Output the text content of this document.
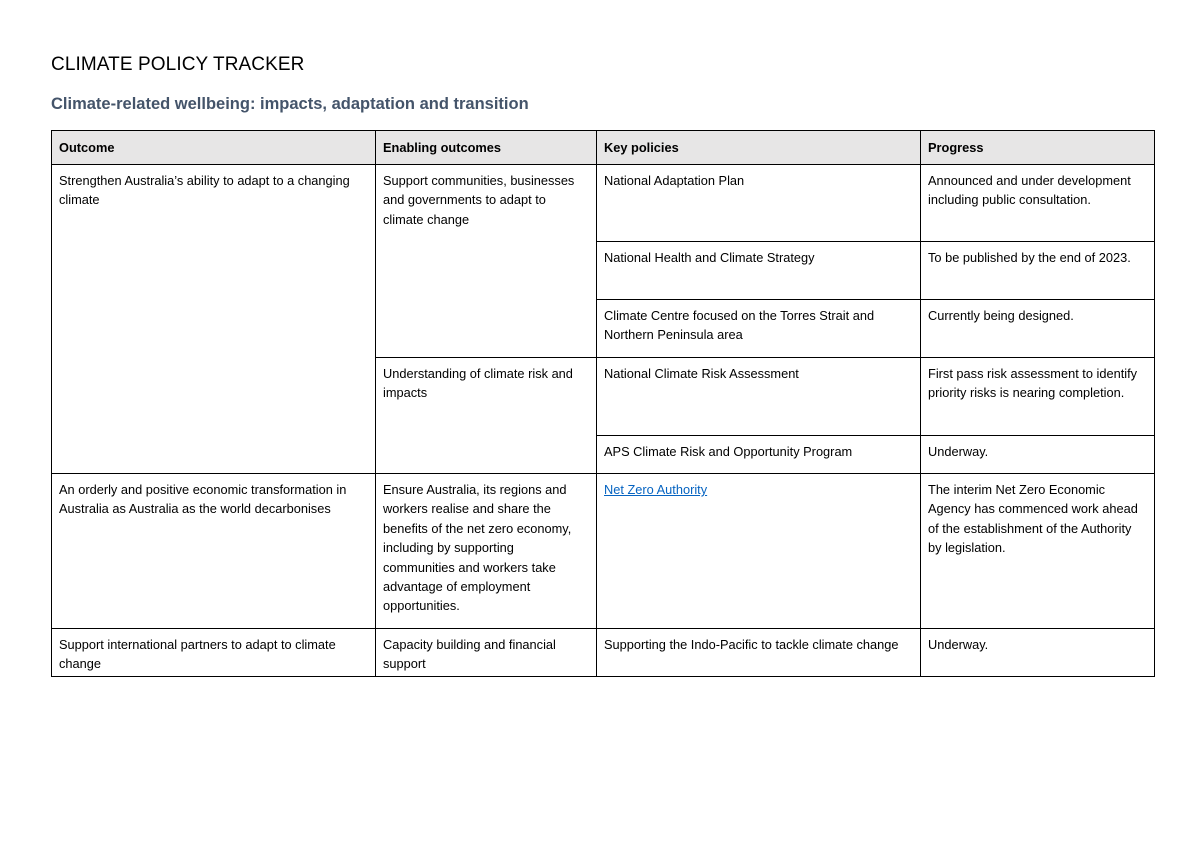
CLIMATE POLICY TRACKER
Climate-related wellbeing: impacts, adaptation and transition
Outcome	Enabling outcomes	Key policies	Progress
Strengthen Australia’s ability to adapt to a changing climate	Support communities, businesses and governments to adapt to climate change	National Adaptation Plan	Announced and under development including public consultation.
		National Health and Climate Strategy	To be published by the end of 2023.
		Climate Centre focused on the Torres Strait and Northern Peninsula area	Currently being designed.
	Understanding of climate risk and impacts	National Climate Risk Assessment	First pass risk assessment to identify priority risks is nearing completion.
		APS Climate Risk and Opportunity Program	Underway.
An orderly and positive economic transformation in Australia as Australia as the world decarbonises	Ensure Australia, its regions and workers realise and share the benefits of the net zero economy, including by supporting communities and workers take advantage of employment opportunities.	Net Zero Authority	The interim Net Zero Economic Agency has commenced work ahead of the establishment of the Authority by legislation.
Support international partners to adapt to climate change	Capacity building and financial support	Supporting the Indo-Pacific to tackle climate change	Underway.
